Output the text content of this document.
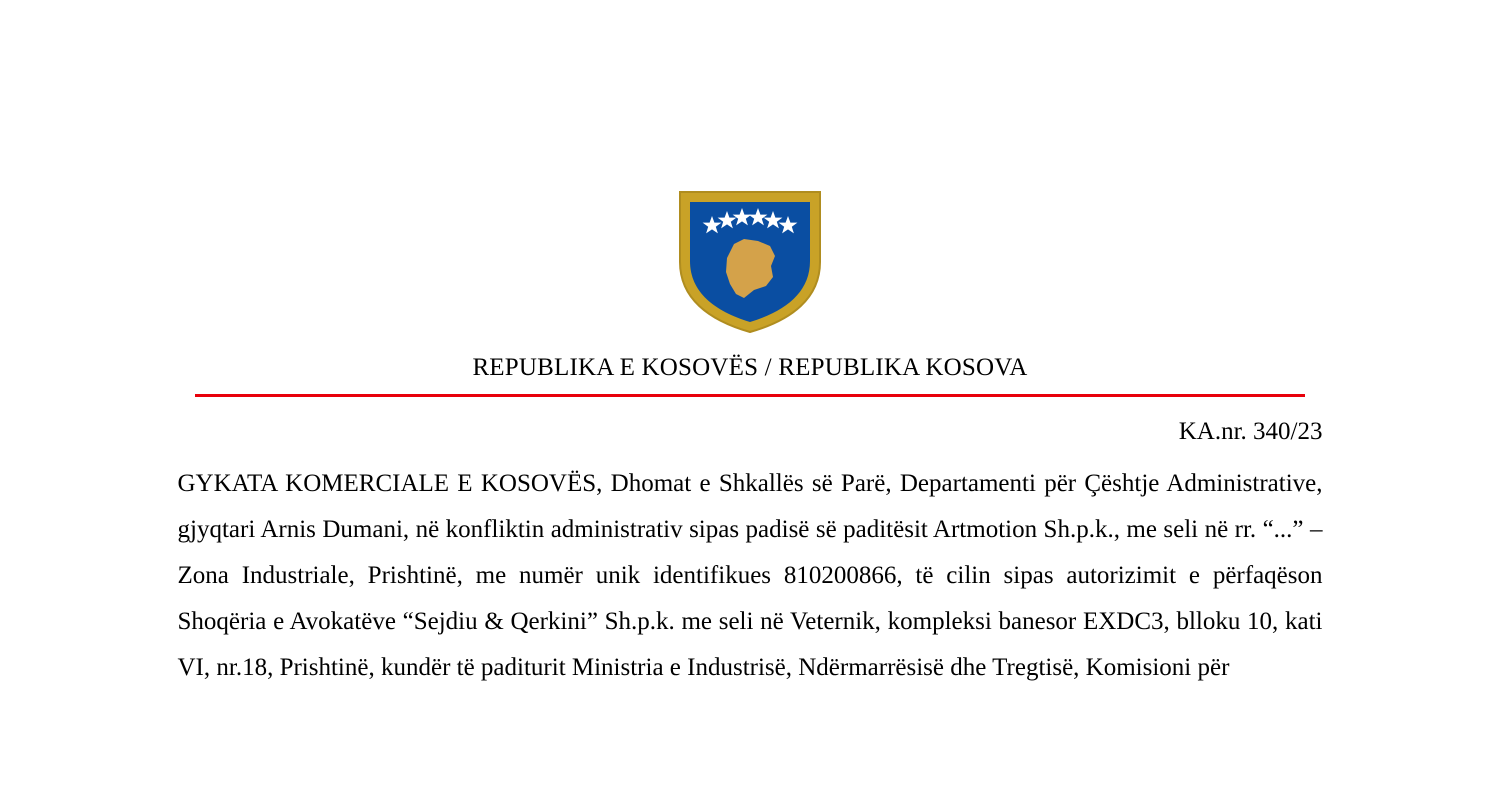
REPUBLIKA E KOSOVËS / REPUBLIKA KOSOVA
KA.nr. 340/23

GYKATA KOMERCIALE E KOSOVËS, Dhomat e Shkallës së Parë, Departamenti për Çështje Administrative, gjyqtari Arnis Dumani, në konfliktin administrativ sipas padisë së paditësit Artmotion Sh.p.k., me seli në rr. “...” – Zona Industriale, Prishtinë, me numër unik identifikues 810200866, të cilin sipas autorizimit e përfaqëson Shoqëria e Avokatëve “Sejdiu & Qerkini” Sh.p.k. me seli në Veternik, kompleksi banesor EXDC3, blloku 10, kati VI, nr.18, Prishtinë, kundër të paditurit Ministria e Industrisë, Ndërmarrësisë dhe Tregtisë, Komisioni për
